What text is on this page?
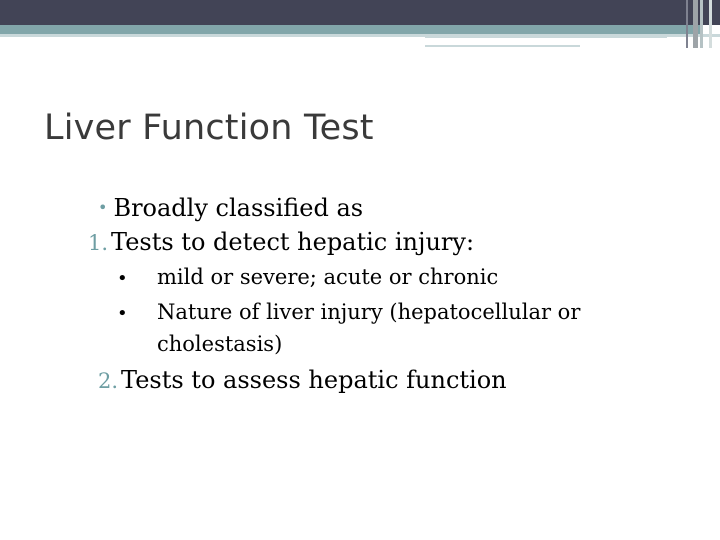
Liver Function Test
• Broadly classified as
1. Tests to detect hepatic injury:
• mild or severe; acute or chronic
• Nature of liver injury (hepatocellular or
cholestasis)
2. Tests to assess hepatic function
